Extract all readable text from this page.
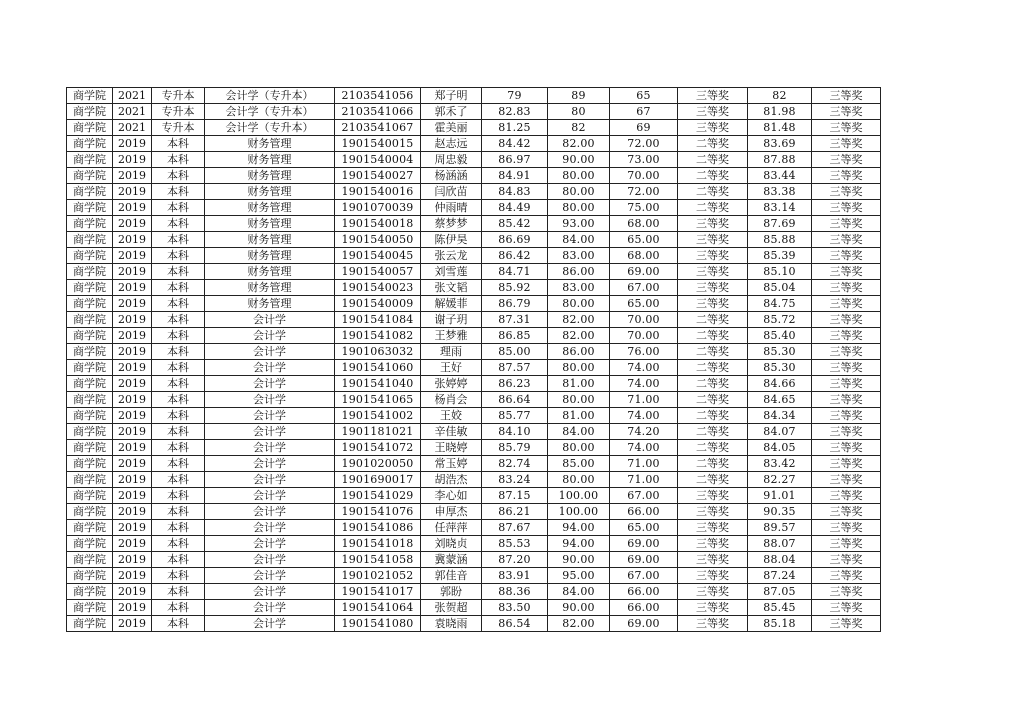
商学院	2021	专升本	会计学（专升本）	2103541056	郑子明	79	89	65	三等奖	82	三等奖
商学院	2021	专升本	会计学（专升本）	2103541066	郭禾了	82.83	80	67	三等奖	81.98	三等奖
商学院	2021	专升本	会计学（专升本）	2103541067	霍美丽	81.25	82	69	三等奖	81.48	三等奖
商学院	2019	本科	财务管理	1901540015	赵志远	84.42	82.00	72.00	二等奖	83.69	三等奖
商学院	2019	本科	财务管理	1901540004	周忠毅	86.97	90.00	73.00	二等奖	87.88	三等奖
商学院	2019	本科	财务管理	1901540027	杨涵涵	84.91	80.00	70.00	二等奖	83.44	三等奖
商学院	2019	本科	财务管理	1901540016	闫欣苗	84.83	80.00	72.00	二等奖	83.38	三等奖
商学院	2019	本科	财务管理	1901070039	仲雨晴	84.49	80.00	75.00	二等奖	83.14	三等奖
商学院	2019	本科	财务管理	1901540018	蔡梦梦	85.42	93.00	68.00	三等奖	87.69	三等奖
商学院	2019	本科	财务管理	1901540050	陈伊昊	86.69	84.00	65.00	三等奖	85.88	三等奖
商学院	2019	本科	财务管理	1901540045	张云龙	86.42	83.00	68.00	三等奖	85.39	三等奖
商学院	2019	本科	财务管理	1901540057	刘雪莲	84.71	86.00	69.00	三等奖	85.10	三等奖
商学院	2019	本科	财务管理	1901540023	张文韬	85.92	83.00	67.00	三等奖	85.04	三等奖
商学院	2019	本科	财务管理	1901540009	解媛菲	86.79	80.00	65.00	三等奖	84.75	三等奖
商学院	2019	本科	会计学	1901541084	谢子玥	87.31	82.00	70.00	二等奖	85.72	三等奖
商学院	2019	本科	会计学	1901541082	王梦雅	86.85	82.00	70.00	二等奖	85.40	三等奖
商学院	2019	本科	会计学	1901063032	理雨	85.00	86.00	76.00	二等奖	85.30	三等奖
商学院	2019	本科	会计学	1901541060	王好	87.57	80.00	74.00	二等奖	85.30	三等奖
商学院	2019	本科	会计学	1901541040	张婷婷	86.23	81.00	74.00	二等奖	84.66	三等奖
商学院	2019	本科	会计学	1901541065	杨肖会	86.64	80.00	71.00	二等奖	84.65	三等奖
商学院	2019	本科	会计学	1901541002	王姣	85.77	81.00	74.00	二等奖	84.34	三等奖
商学院	2019	本科	会计学	1901181021	辛佳敏	84.10	84.00	74.20	二等奖	84.07	三等奖
商学院	2019	本科	会计学	1901541072	王晓婷	85.79	80.00	74.00	二等奖	84.05	三等奖
商学院	2019	本科	会计学	1901020050	常玉婷	82.74	85.00	71.00	二等奖	83.42	三等奖
商学院	2019	本科	会计学	1901690017	胡浩杰	83.24	80.00	71.00	二等奖	82.27	三等奖
商学院	2019	本科	会计学	1901541029	李心如	87.15	100.00	67.00	三等奖	91.01	三等奖
商学院	2019	本科	会计学	1901541076	申厚杰	86.21	100.00	66.00	三等奖	90.35	三等奖
商学院	2019	本科	会计学	1901541086	任萍萍	87.67	94.00	65.00	三等奖	89.57	三等奖
商学院	2019	本科	会计学	1901541018	刘晓贞	85.53	94.00	69.00	三等奖	88.07	三等奖
商学院	2019	本科	会计学	1901541058	冀蒙涵	87.20	90.00	69.00	三等奖	88.04	三等奖
商学院	2019	本科	会计学	1901021052	郭佳音	83.91	95.00	67.00	三等奖	87.24	三等奖
商学院	2019	本科	会计学	1901541017	郭盼	88.36	84.00	66.00	三等奖	87.05	三等奖
商学院	2019	本科	会计学	1901541064	张贺超	83.50	90.00	66.00	三等奖	85.45	三等奖
商学院	2019	本科	会计学	1901541080	袁晓雨	86.54	82.00	69.00	三等奖	85.18	三等奖
